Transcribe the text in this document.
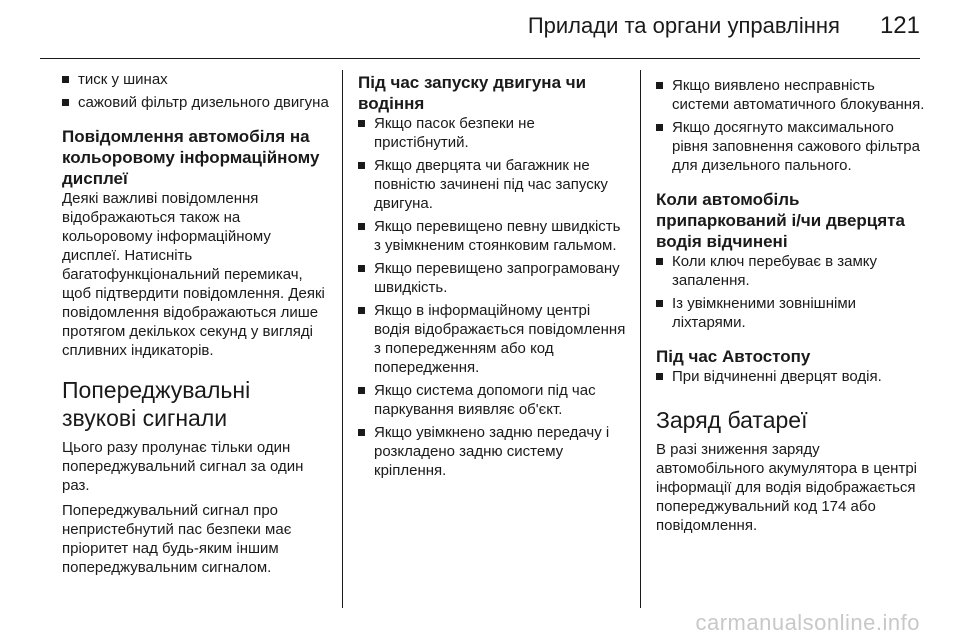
Прилади та органи управління 121
тиск у шинах
сажовий фільтр дизельного двигуна
Повідомлення автомобіля на кольоровому інформаційному дисплеї

Деякі важливі повідомлення відображаються також на кольоровому інформаційному дисплеї. Натисніть багатофункціональний перемикач, щоб підтвердити повідомлення. Деякі повідомлення відображаються лише протягом декількох секунд у вигляді спливних індикаторів.

Попереджувальні звукові сигнали

Цього разу пролунає тільки один попереджувальний сигнал за один раз.

Попереджувальний сигнал про непристебнутий пас безпеки має пріоритет над будь-яким іншим попереджувальним сигналом.

Під час запуску двигуна чи водіння
Якщо пасок безпеки не пристібнутий.
Якщо дверцята чи багажник не повністю зачинені під час запуску двигуна.
Якщо перевищено певну швидкість з увімкненим стоянковим гальмом.
Якщо перевищено запрограмовану швидкість.
Якщо в інформаційному центрі водія відображається повідомлення з попередженням або код попередження.
Якщо система допомоги під час паркування виявляє об'єкт.
Якщо увімкнено задню передачу і розкладено задню систему кріплення.
Якщо виявлено несправність системи автоматичного блокування.
Якщо досягнуто максимального рівня заповнення сажового фільтра для дизельного пального.
Коли автомобіль припаркований і/чи дверцята водія відчинені
Коли ключ перебуває в замку запалення.
Із увімкненими зовнішніми ліхтарями.
Під час Автостопу
При відчиненні дверцят водія.
Заряд батареї

В разі зниження заряду автомобільного акумулятора в центрі інформації для водія відображається попереджувальний код 174 або повідомлення.

carmanualsonline.info
